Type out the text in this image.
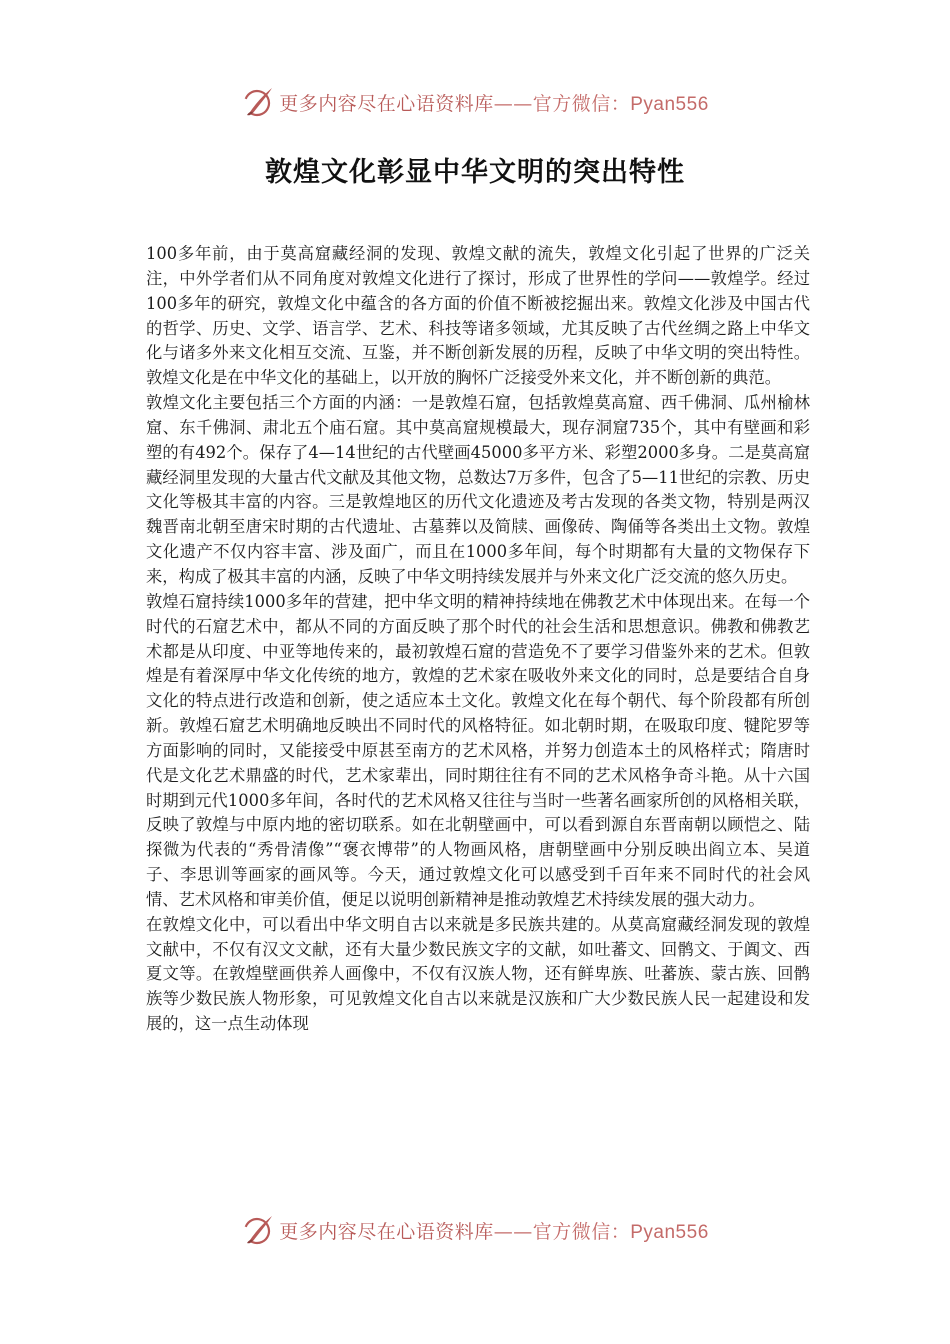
更多内容尽在心语资料库——官方微信：Pyan556
敦煌文化彰显中华文明的突出特性

100多年前，由于莫高窟藏经洞的发现、敦煌文献的流失，敦煌文化引起了世界的广泛关注，中外学者们从不同角度对敦煌文化进行了探讨，形成了世界性的学问——敦煌学。经过100多年的研究，敦煌文化中蕴含的各方面的价值不断被挖掘出来。敦煌文化涉及中国古代的哲学、历史、文学、语言学、艺术、科技等诸多领域，尤其反映了古代丝绸之路上中华文化与诸多外来文化相互交流、互鉴，并不断创新发展的历程，反映了中华文明的突出特性。敦煌文化是在中华文化的基础上，以开放的胸怀广泛接受外来文化，并不断创新的典范。

敦煌文化主要包括三个方面的内涵：一是敦煌石窟，包括敦煌莫高窟、西千佛洞、瓜州榆林窟、东千佛洞、肃北五个庙石窟。其中莫高窟规模最大，现存洞窟735个，其中有壁画和彩塑的有492个。保存了4—14世纪的古代壁画45000多平方米、彩塑2000多身。二是莫高窟藏经洞里发现的大量古代文献及其他文物，总数达7万多件，包含了5—11世纪的宗教、历史文化等极其丰富的内容。三是敦煌地区的历代文化遗迹及考古发现的各类文物，特别是两汉魏晋南北朝至唐宋时期的古代遗址、古墓葬以及简牍、画像砖、陶俑等各类出土文物。敦煌文化遗产不仅内容丰富、涉及面广，而且在1000多年间，每个时期都有大量的文物保存下来，构成了极其丰富的内涵，反映了中华文明持续发展并与外来文化广泛交流的悠久历史。

敦煌石窟持续1000多年的营建，把中华文明的精神持续地在佛教艺术中体现出来。在每一个时代的石窟艺术中，都从不同的方面反映了那个时代的社会生活和思想意识。佛教和佛教艺术都是从印度、中亚等地传来的，最初敦煌石窟的营造免不了要学习借鉴外来的艺术。但敦煌是有着深厚中华文化传统的地方，敦煌的艺术家在吸收外来文化的同时，总是要结合自身文化的特点进行改造和创新，使之适应本土文化。敦煌文化在每个朝代、每个阶段都有所创新。敦煌石窟艺术明确地反映出不同时代的风格特征。如北朝时期，在吸取印度、犍陀罗等方面影响的同时，又能接受中原甚至南方的艺术风格，并努力创造本土的风格样式；隋唐时代是文化艺术鼎盛的时代，艺术家辈出，同时期往往有不同的艺术风格争奇斗艳。从十六国时期到元代1000多年间，各时代的艺术风格又往往与当时一些著名画家所创的风格相关联，反映了敦煌与中原内地的密切联系。如在北朝壁画中，可以看到源自东晋南朝以顾恺之、陆探微为代表的“秀骨清像”“褒衣博带”的人物画风格，唐朝壁画中分别反映出阎立本、吴道子、李思训等画家的画风等。今天，通过敦煌文化可以感受到千百年来不同时代的社会风情、艺术风格和审美价值，便足以说明创新精神是推动敦煌艺术持续发展的强大动力。

在敦煌文化中，可以看出中华文明自古以来就是多民族共建的。从莫高窟藏经洞发现的敦煌文献中，不仅有汉文文献，还有大量少数民族文字的文献，如吐蕃文、回鹘文、于阗文、西夏文等。在敦煌壁画供养人画像中，不仅有汉族人物，还有鲜卑族、吐蕃族、蒙古族、回鹘族等少数民族人物形象，可见敦煌文化自古以来就是汉族和广大少数民族人民一起建设和发展的，这一点生动体现

更多内容尽在心语资料库——官方微信：Pyan556
